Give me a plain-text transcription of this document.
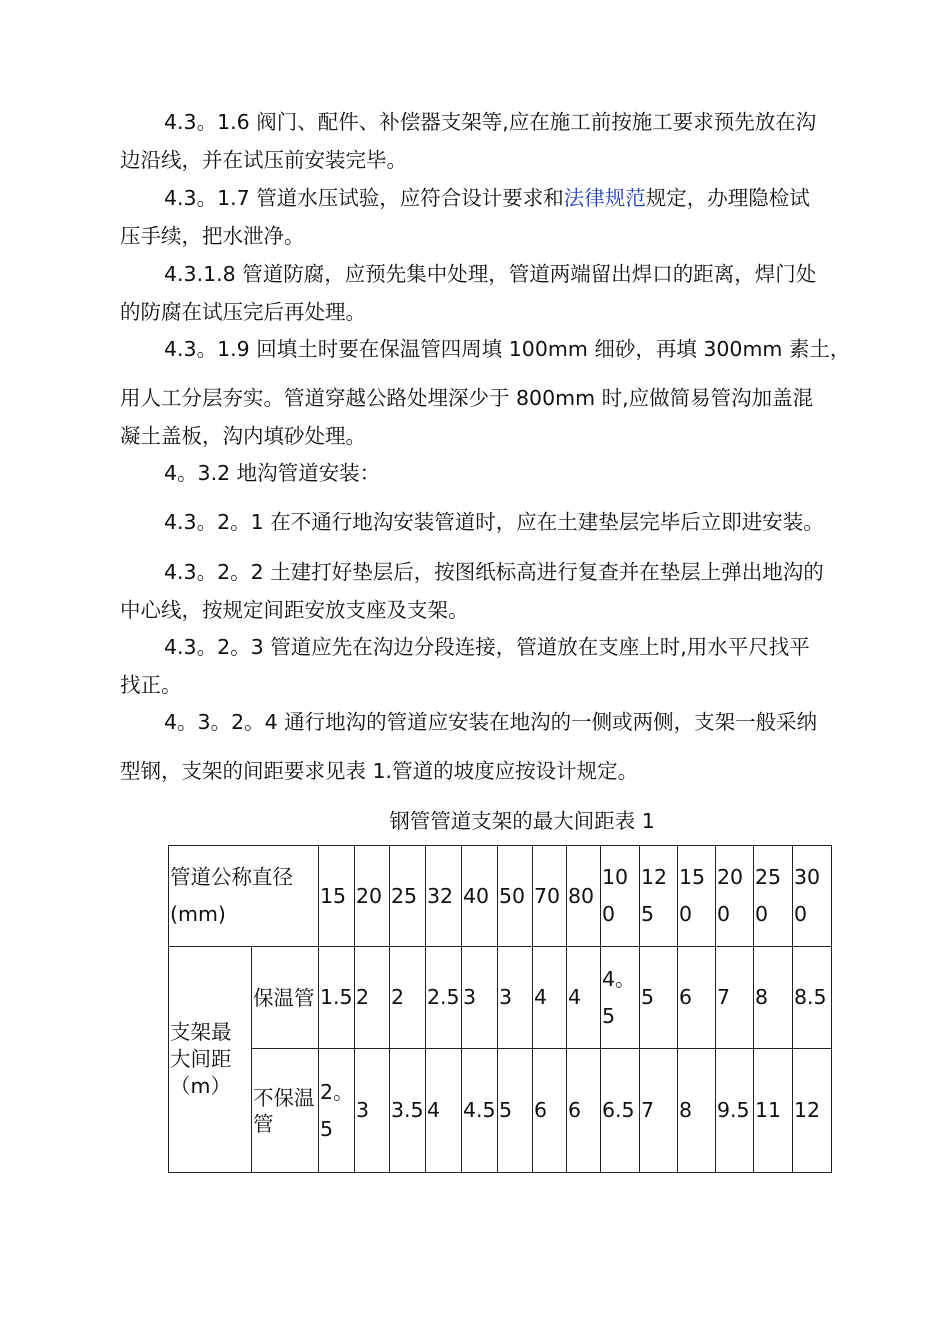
4.3。1.6 阀门、配件、补偿器支架等,应在施工前按施工要求预先放在沟
边沿线，并在试压前安装完毕。
4.3。1.7 管道水压试验，应符合设计要求和法律规范规定，办理隐检试
压手续，把水泄净。
4.3.1.8 管道防腐，应预先集中处理，管道两端留出焊口的距离，焊门处
的防腐在试压完后再处理。
4.3。1.9 回填土时要在保温管四周填 100mm 细砂，再填 300mm 素土，
用人工分层夯实。管道穿越公路处埋深少于 800mm 时,应做简易管沟加盖混
凝土盖板，沟内填砂处理。
4。3.2 地沟管道安装：
4.3。2。1 在不通行地沟安装管道时，应在土建垫层完毕后立即进安装。
4.3。2。2 土建打好垫层后，按图纸标高进行复查并在垫层上弹出地沟的
中心线，按规定间距安放支座及支架。
4.3。2。3 管道应先在沟边分段连接，管道放在支座上时,用水平尺找平
找正。
4。3。2。4 通行地沟的管道应安装在地沟的一侧或两侧，支架一般采纳
型钢，支架的间距要求见表 1.管道的坡度应按设计规定。
钢管管道支架的最大间距表 1
管道公称直径(mm)		15	20	25	32	40	50	70	80	100	125	150	200	250	300
支架最大间距（m）	保温管	1.5	2	2	2.5	3	3	4	4	4。5	5	6	7	8	8.5
	不保温管	2。5	3	3.5	4	4.5	5	6	6	6.5	7	8	9.5	11	12
